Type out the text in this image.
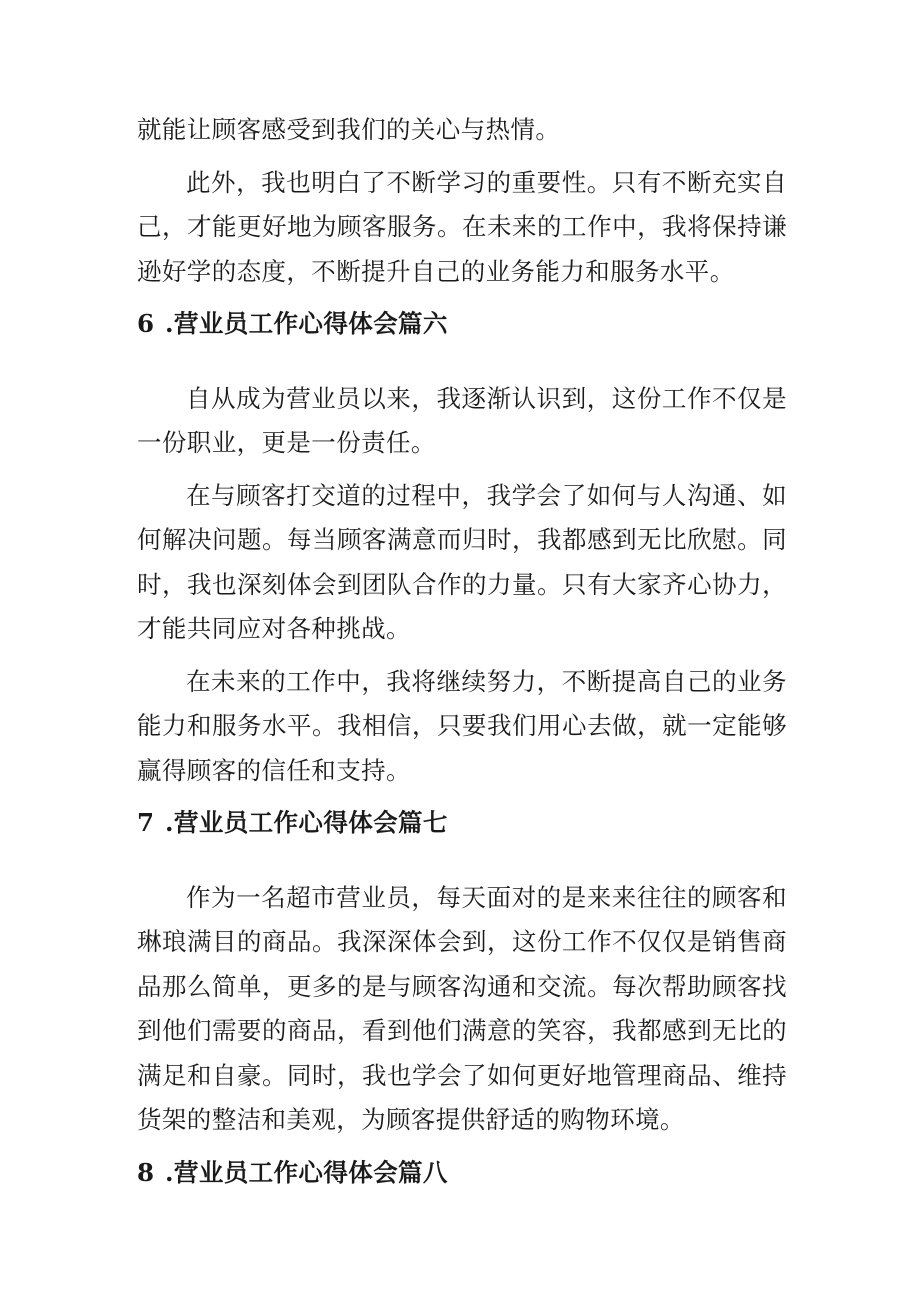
就能让顾客感受到我们的关心与热情。

此外，我也明白了不断学习的重要性。只有不断充实自己，才能更好地为顾客服务。在未来的工作中，我将保持谦逊好学的态度，不断提升自己的业务能力和服务水平。

6 .营业员工作心得体会篇六

自从成为营业员以来，我逐渐认识到，这份工作不仅是一份职业，更是一份责任。

在与顾客打交道的过程中，我学会了如何与人沟通、如何解决问题。每当顾客满意而归时，我都感到无比欣慰。同时，我也深刻体会到团队合作的力量。只有大家齐心协力，才能共同应对各种挑战。

在未来的工作中，我将继续努力，不断提高自己的业务能力和服务水平。我相信，只要我们用心去做，就一定能够赢得顾客的信任和支持。

7 .营业员工作心得体会篇七

作为一名超市营业员，每天面对的是来来往往的顾客和琳琅满目的商品。我深深体会到，这份工作不仅仅是销售商品那么简单，更多的是与顾客沟通和交流。每次帮助顾客找到他们需要的商品，看到他们满意的笑容，我都感到无比的满足和自豪。同时，我也学会了如何更好地管理商品、维持货架的整洁和美观，为顾客提供舒适的购物环境。

8 .营业员工作心得体会篇八
